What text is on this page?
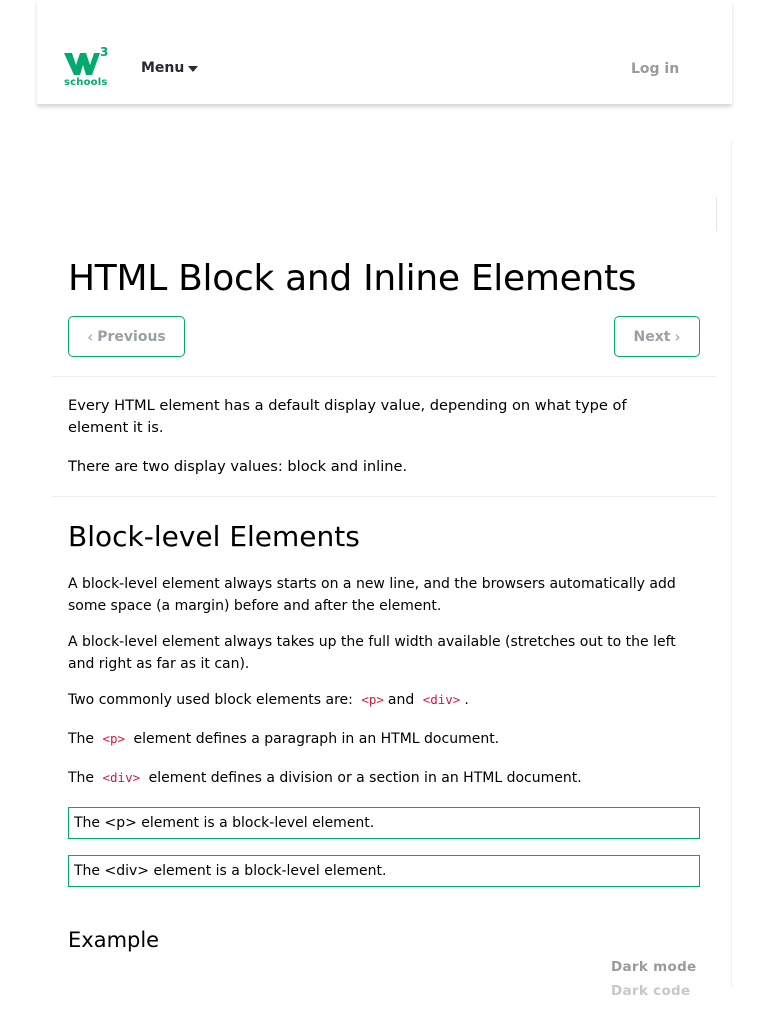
3
schools
Menu	Log in
HTML Block and Inline Elements
‹ Previous	Next ›

Every HTML element has a default display value, depending on what type of element it is.

There are two display values: block and inline.

Block-level Elements

A block-level element always starts on a new line, and the browsers automatically add some space (a margin) before and after the element.

A block-level element always takes up the full width available (stretches out to the left and right as far as it can).

Two commonly used block elements are: <p> and <div> .

The <p> element defines a paragraph in an HTML document.

The <div> element defines a division or a section in an HTML document.

The <p> element is a block-level element.
The <div> element is a block-level element.
Example
Dark mode
